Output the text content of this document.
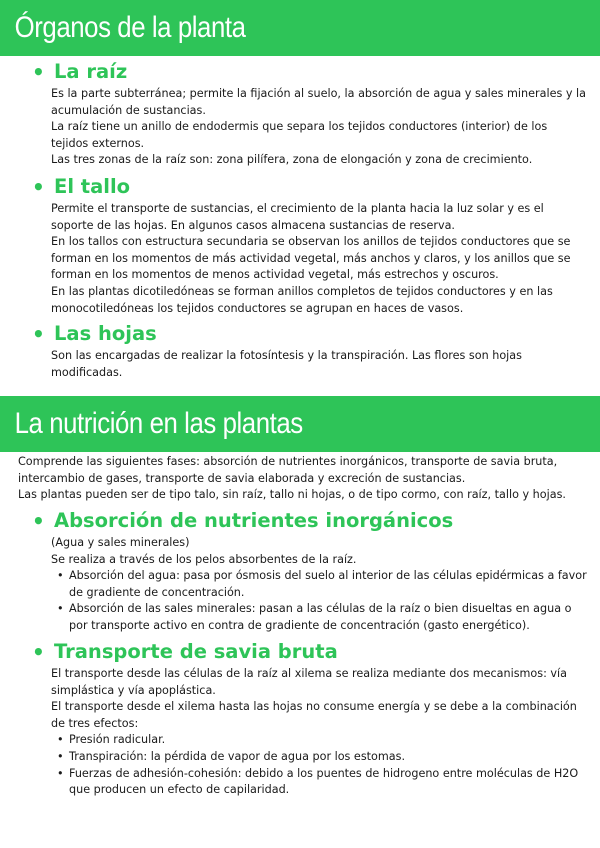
Órganos de la planta
• La raíz

Es la parte subterránea; permite la fijación al suelo, la absorción de agua y sales minerales y la acumulación de sustancias.

La raíz tiene un anillo de endodermis que separa los tejidos conductores (interior) de los tejidos externos.

Las tres zonas de la raíz son: zona pilífera, zona de elongación y zona de crecimiento.

• El tallo

Permite el transporte de sustancias, el crecimiento de la planta hacia la luz solar y es el soporte de las hojas. En algunos casos almacena sustancias de reserva.

En los tallos con estructura secundaria se observan los anillos de tejidos conductores que se forman en los momentos de más actividad vegetal, más anchos y claros, y los anillos que se forman en los momentos de menos actividad vegetal, más estrechos y oscuros.

En las plantas dicotiledóneas se forman anillos completos de tejidos conductores y en las monocotiledóneas los tejidos conductores se agrupan en haces de vasos.

• Las hojas

Son las encargadas de realizar la fotosíntesis y la transpiración. Las flores son hojas modificadas.

La nutrición en las plantas

Comprende las siguientes fases: absorción de nutrientes inorgánicos, transporte de savia bruta, intercambio de gases, transporte de savia elaborada y excreción de sustancias.

Las plantas pueden ser de tipo talo, sin raíz, tallo ni hojas, o de tipo cormo, con raíz, tallo y hojas.

• Absorción de nutrientes inorgánicos

(Agua y sales minerales)

Se realiza a través de los pelos absorbentes de la raíz.

• Absorción del agua: pasa por ósmosis del suelo al interior de las células epidérmicas a favor de gradiente de concentración.
• Absorción de las sales minerales: pasan a las células de la raíz o bien disueltas en agua o por transporte activo en contra de gradiente de concentración (gasto energético).
• Transporte de savia bruta

El transporte desde las células de la raíz al xilema se realiza mediante dos mecanismos: vía simplástica y vía apoplástica.

El transporte desde el xilema hasta las hojas no consume energía y se debe a la combinación de tres efectos:

• Presión radicular.
• Transpiración: la pérdida de vapor de agua por los estomas.
• Fuerzas de adhesión-cohesión: debido a los puentes de hidrogeno entre moléculas de H2O que producen un efecto de capilaridad.
